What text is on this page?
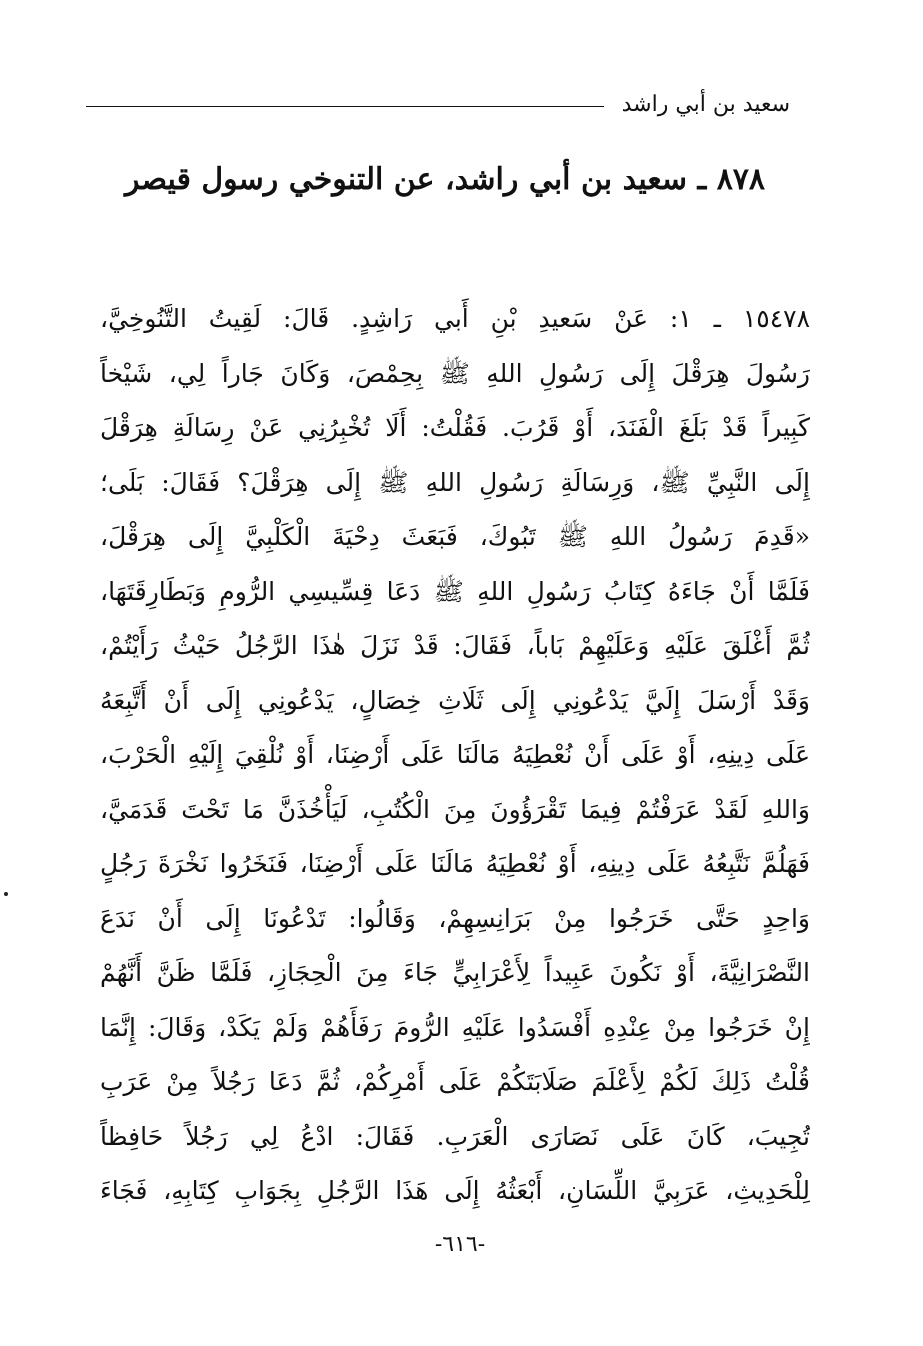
سعيد بن أبي راشد
٨٧٨ ـ سعيد بن أبي راشد، عن التنوخي رسول قيصر
١٥٤٧٨ ـ ١: عَنْ سَعيدِ بْنِ أَبي رَاشِدٍ. قَالَ: لَقِيتُ التَّنُوخِيَّ،
رَسُولَ هِرَقْلَ إِلَى رَسُولِ اللهِ ﷺ بِحِمْصَ، وَكَانَ جَاراً لِي، شَيْخاً
كَبِيراً قَدْ بَلَغَ الْفَنَدَ، أَوْ قَرُبَ. فَقُلْتُ: أَلَا تُخْبِرُنِي عَنْ رِسَالَةِ هِرَقْلَ
إِلَى النَّبِيِّ ﷺ، وَرِسَالَةِ رَسُولِ اللهِ ﷺ إِلَى هِرَقْلَ؟ فَقَالَ: بَلَى؛
«قَدِمَ رَسُولُ اللهِ ﷺ تَبُوكَ، فَبَعَثَ دِحْيَةَ الْكَلْبِيَّ إِلَى هِرَقْلَ،
فَلَمَّا أَنْ جَاءَهُ كِتَابُ رَسُولِ اللهِ ﷺ دَعَا قِسِّيسِي الرُّومِ وَبَطَارِقَتَهَا،
ثُمَّ أَغْلَقَ عَلَيْهِ وَعَلَيْهِمْ بَاباً، فَقَالَ: قَدْ نَزَلَ هٰذَا الرَّجُلُ حَيْثُ رَأَيْتُمْ،
وَقَدْ أَرْسَلَ إِلَيَّ يَدْعُونِي إِلَى ثَلَاثِ خِصَالٍ، يَدْعُونِي إِلَى أَنْ أَتَّبِعَهُ
عَلَى دِينِهِ، أَوْ عَلَى أَنْ نُعْطِيَهُ مَالَنَا عَلَى أَرْضِنَا، أَوْ نُلْقِيَ إِلَيْهِ الْحَرْبَ،
وَاللهِ لَقَدْ عَرَفْتُمْ فِيمَا تَقْرَؤُونَ مِنَ الْكُتُبِ، لَيَأْخُذَنَّ مَا تَحْتَ قَدَمَيَّ،
فَهَلُمَّ نَتَّبِعُهُ عَلَى دِينِهِ، أَوْ نُعْطِيَهُ مَالَنَا عَلَى أَرْضِنَا، فَنَخَرُوا نَخْرَةَ رَجُلٍ
وَاحِدٍ حَتَّى خَرَجُوا مِنْ بَرَانِسِهِمْ، وَقَالُوا: تَدْعُونَا إِلَى أَنْ نَدَعَ
النَّصْرَانِيَّةَ، أَوْ نَكُونَ عَبِيداً لِأَعْرَابِيٍّ جَاءَ مِنَ الْحِجَازِ، فَلَمَّا ظَنَّ أَنَّهُمْ
إِنْ خَرَجُوا مِنْ عِنْدِهِ أَفْسَدُوا عَلَيْهِ الرُّومَ رَفَأَهُمْ وَلَمْ يَكَدْ، وَقَالَ: إِنَّمَا
قُلْتُ ذَلِكَ لَكُمْ لِأَعْلَمَ صَلَابَتَكُمْ عَلَى أَمْرِكُمْ، ثُمَّ دَعَا رَجُلاً مِنْ عَرَبِ
تُجِيبَ، كَانَ عَلَى نَصَارَى الْعَرَبِ. فَقَالَ: ادْعُ لِي رَجُلاً حَافِظاً
لِلْحَدِيثِ، عَرَبِيَّ اللِّسَانِ، أَبْعَثُهُ إِلَى هَذَا الرَّجُلِ بِجَوَابِ كِتَابِهِ، فَجَاءَ
-٦١٦-
